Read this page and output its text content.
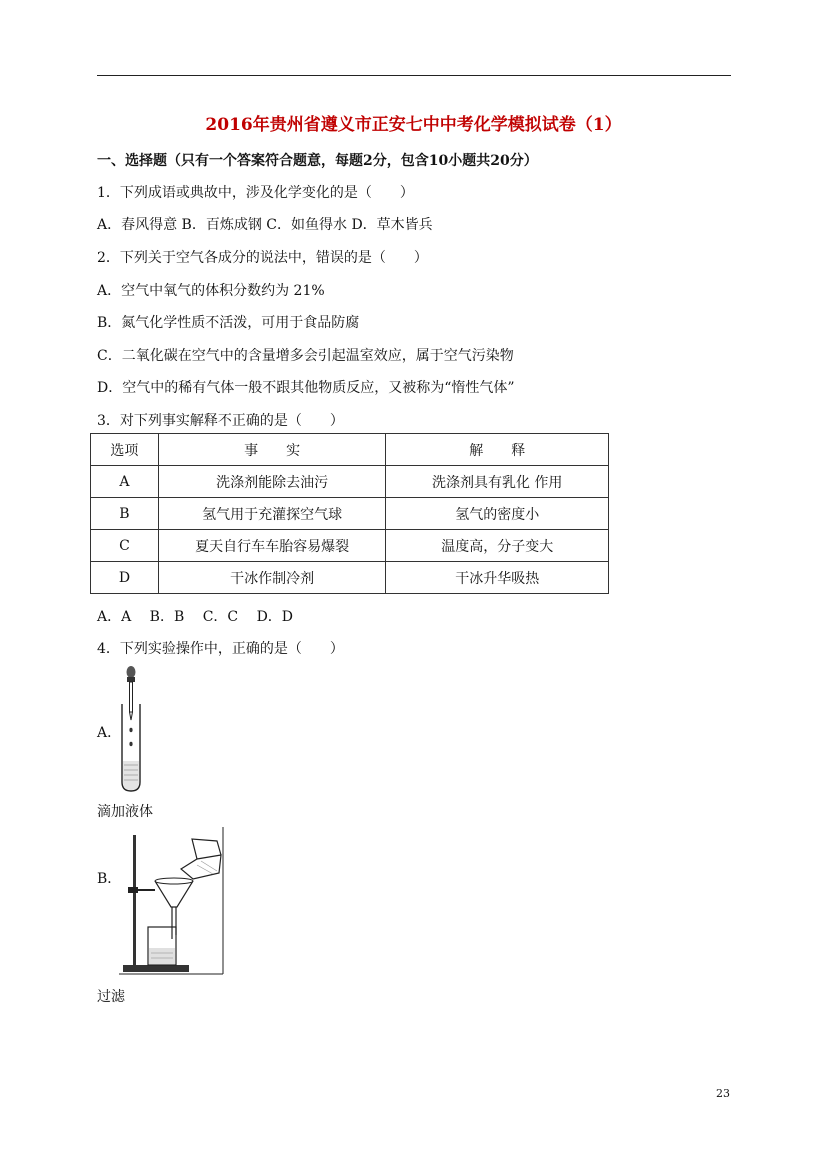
2016年贵州省遵义市正安七中中考化学模拟试卷（1）
一、选择题（只有一个答案符合题意，每题2分，包含10小题共20分）
1．下列成语或典故中，涉及化学变化的是（　　）
A．春风得意 B．百炼成钢 C．如鱼得水 D．草木皆兵
2．下列关于空气各成分的说法中，错误的是（　　）
A．空气中氧气的体积分数约为 21%
B．氮气化学性质不活泼，可用于食品防腐
C．二氧化碳在空气中的含量增多会引起温室效应，属于空气污染物
D．空气中的稀有气体一般不跟其他物质反应，又被称为“惰性气体”
3．对下列事实解释不正确的是（　　）
选项	事　　实	解　　释
A	洗涤剂能除去油污	洗涤剂具有乳化 作用
B	氢气用于充灌探空气球	氢气的密度小
C	夏天自行车车胎容易爆裂	温度高，分子变大
D	干冰作制冷剂	干冰升华吸热
A．A　 B．B　 C．C　 D．D
4．下列实验操作中，正确的是（　　）
A．
滴加液体
B．
过滤
23
